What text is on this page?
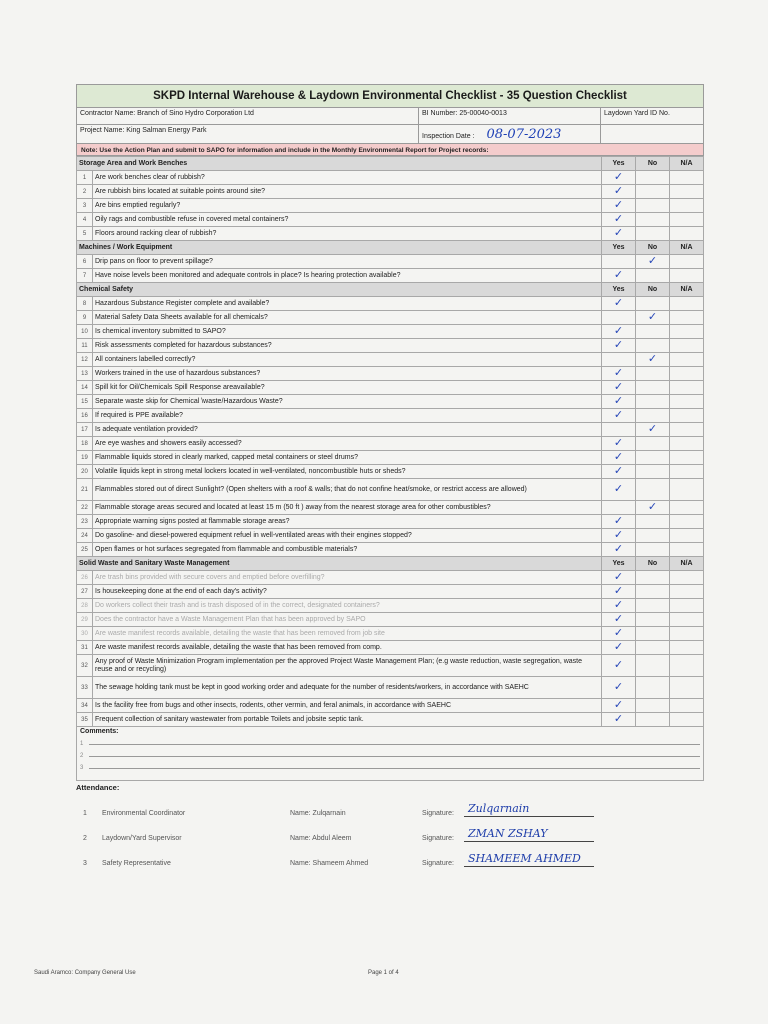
SKPD Internal Warehouse & Laydown Environmental Checklist - 35 Question Checklist
Contractor Name: Branch of Sino Hydro Corporation Ltd	BI Number: 25-00040-0013	Laydown Yard ID No.
Project Name: King Salman Energy Park
Inspection Date : 08-07-2023
Note: Use the Action Plan and submit to SAPO for information and include in the Monthly Environmental Report for Project records:
Storage Area and Work Benches		Yes	No	N/A
1	Are work benches clear of rubbish?	✓		
2	Are rubbish bins located at suitable points around site?	✓		
3	Are bins emptied regularly?	✓		
4	Oily rags and combustible refuse in covered metal containers?	✓		
5	Floors around racking clear of rubbish?	✓		
Machines / Work Equipment		Yes	No	N/A
6	Drip pans on floor to prevent spillage?		✓	
7	Have noise levels been monitored and adequate controls in place? Is hearing protection available?	✓		
Chemical Safety		Yes	No	N/A
8	Hazardous Substance Register complete and available?	✓		
9	Material Safety Data Sheets available for all chemicals?		✓	
10	Is chemical inventory submitted to SAPO?	✓		
11	Risk assessments completed for hazardous substances?	✓		
12	All containers labelled correctly?		✓	
13	Workers trained in the use of hazardous substances?	✓		
14	Spill kit for Oil/Chemicals Spill Response areavailable?	✓		
15	Separate waste skip for Chemical \waste/Hazardous Waste?	✓		
16	If required is PPE available?	✓		
17	Is adequate ventilation provided?		✓	
18	Are eye washes and showers easily accessed?	✓		
19	Flammable liquids stored in clearly marked, capped metal containers or steel drums?	✓		
20	Volatile liquids kept in strong metal lockers located in well-ventilated, noncombustible huts or sheds?	✓		
21	Flammables stored out of direct Sunlight? (Open shelters with a roof & walls; that do not confine heat/smoke, or restrict access are allowed)	✓		
22	Flammable storage areas secured and located at least 15 m (50 ft ) away from the nearest storage area for other combustibles?		✓	
23	Appropriate warning signs posted at flammable storage areas?	✓		
24	Do gasoline- and diesel-powered equipment refuel in well-ventilated areas with their engines stopped?	✓		
25	Open flames or hot surfaces segregated from flammable and combustible materials?	✓		
Solid Waste and Sanitary Waste Management		Yes	No	N/A
26	Are trash bins provided with secure covers and emptied before overfilling?	✓		
27	Is housekeeping done at the end of each day's activity?	✓		
28	Do workers collect their trash and is trash disposed of in the correct, designated containers?	✓		
29	Does the contractor have a Waste Management Plan that has been approved by SAPO	✓		
30	Are waste manifest records available, detailing the waste that has been removed from job site	✓		
31	Are waste manifest records available, detailing the waste that has been removed from comp.	✓		
32	Any proof of Waste Minimization Program implementation per the approved Project Waste Management Plan; (e.g waste reduction, waste segregation, waste reuse and or recycling)	✓		
33	The sewage holding tank must be kept in good working order and adequate for the number of residents/workers, in accordance with SAEHC	✓		
34	Is the facility free from bugs and other insects, rodents, other vermin, and feral animals, in accordance with SAEHC	✓		
35	Frequent collection of sanitary wastewater from portable Toilets and jobsite septic tank.	✓		
Comments:
1
2
3
Attendance:
1	Environmental Coordinator	Name: Zulqarnain	Signature:	Zulqarnain
2	Laydown/Yard Supervisor	Name: Abdul Aleem	Signature:	ZMAN ZSHAY
3	Safety Representative	Name: Shameem Ahmed	Signature:	SHAMEEM AHMED
Saudi Aramco: Company General Use	Page 1 of 4
